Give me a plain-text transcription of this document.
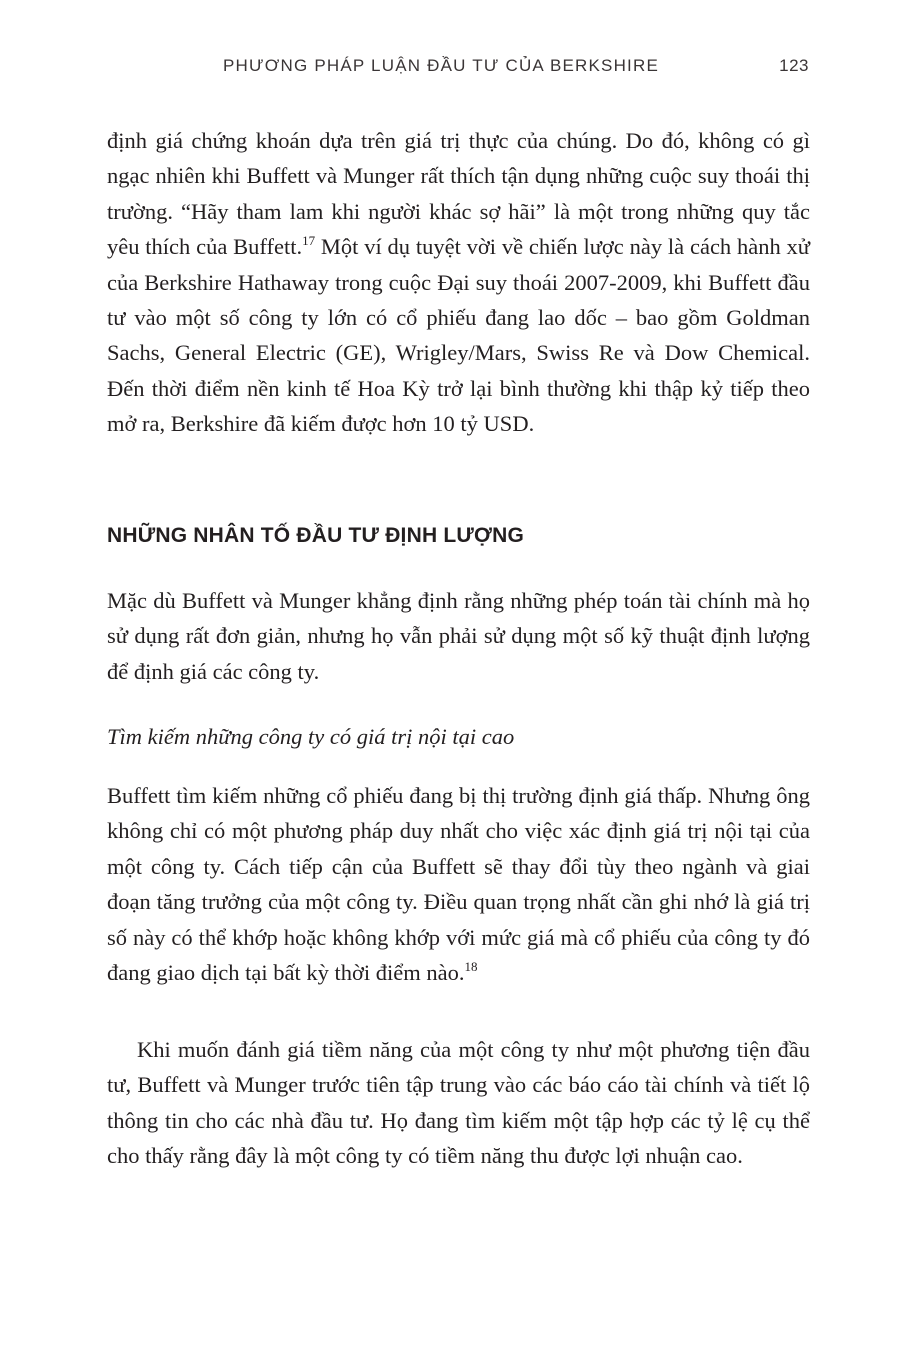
PHƯƠNG PHÁP LUẬN ĐẦU TƯ CỦA BERKSHIRE	123

định giá chứng khoán dựa trên giá trị thực của chúng. Do đó, không có gì ngạc nhiên khi Buffett và Munger rất thích tận dụng những cuộc suy thoái thị trường. “Hãy tham lam khi người khác sợ hãi” là một trong những quy tắc yêu thích của Buffett.$^{17}$ Một ví dụ tuyệt vời về chiến lược này là cách hành xử của Berkshire Hathaway trong cuộc Đại suy thoái 2007-2009, khi Buffett đầu tư vào một số công ty lớn có cổ phiếu đang lao dốc – bao gồm Goldman Sachs, General Electric (GE), Wrigley/Mars, Swiss Re và Dow Chemical. Đến thời điểm nền kinh tế Hoa Kỳ trở lại bình thường khi thập kỷ tiếp theo mở ra, Berkshire đã kiếm được hơn 10 tỷ USD.

NHỮNG NHÂN TỐ ĐẦU TƯ ĐỊNH LƯỢNG

Mặc dù Buffett và Munger khẳng định rằng những phép toán tài chính mà họ sử dụng rất đơn giản, nhưng họ vẫn phải sử dụng một số kỹ thuật định lượng để định giá các công ty.

Tìm kiếm những công ty có giá trị nội tại cao

Buffett tìm kiếm những cổ phiếu đang bị thị trường định giá thấp. Nhưng ông không chỉ có một phương pháp duy nhất cho việc xác định giá trị nội tại của một công ty. Cách tiếp cận của Buffett sẽ thay đổi tùy theo ngành và giai đoạn tăng trưởng của một công ty. Điều quan trọng nhất cần ghi nhớ là giá trị số này có thể khớp hoặc không khớp với mức giá mà cổ phiếu của công ty đó đang giao dịch tại bất kỳ thời điểm nào.$^{18}$

Khi muốn đánh giá tiềm năng của một công ty như một phương tiện đầu tư, Buffett và Munger trước tiên tập trung vào các báo cáo tài chính và tiết lộ thông tin cho các nhà đầu tư. Họ đang tìm kiếm một tập hợp các tỷ lệ cụ thể cho thấy rằng đây là một công ty có tiềm năng thu được lợi nhuận cao.
